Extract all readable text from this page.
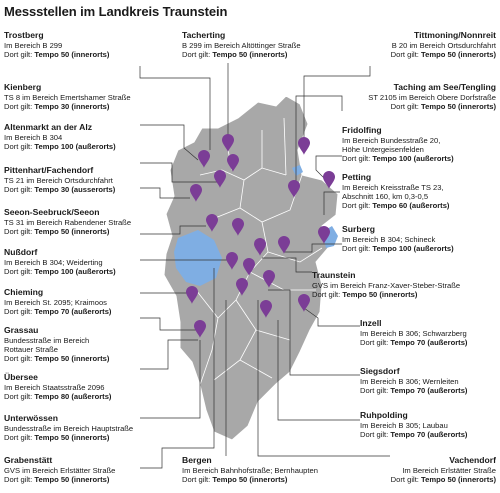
Messstellen im Landkreis Traunstein
Trostberg
Im Bereich B 299
Dort gilt: Tempo 50 (innerorts)
Kienberg
TS 8 im Bereich Emertshamer Straße
Dort gilt: Tempo 30 (innerorts)
Altenmarkt an der Alz
Im Bereich B 304
Dort gilt: Tempo 100 (außerorts)
Pittenhart/Fachendorf
TS 21 im Bereich Ortsdurchfahrt
Dort gilt: Tempo 30 (ausserorts)
Seeon-Seebruck/Seeon
TS 31 im Bereich Rabendener Straße
Dort gilt: Tempo 50 (innerorts)
Nußdorf
Im Bereich B 304; Weiderting
Dort gilt: Tempo 100 (außerorts)
Chieming
Im Bereich St. 2095; Kraimoos
Dort gilt: Tempo 70 (außerorts)
Grassau
Bundesstraße im Bereich
Rottauer Straße
Dort gilt: Tempo 50 (innerorts)
Übersee
Im Bereich Staatsstraße 2096
Dort gilt: Tempo 80 (außerorts)
Unterwössen
Bundesstraße im Bereich Hauptstraße
Dort gilt: Tempo 50 (innerorts)
Grabenstätt
GVS im Bereich Erlstätter Straße
Dort gilt: Tempo 50 (innerorts)
Tacherting
B 299 im Bereich Altöttinger Straße
Dort gilt: Tempo 50 (innerorts)
Bergen
Im Bereich Bahnhofstraße; Bernhaupten
Dort gilt: Tempo 50 (innerorts)
Tittmoning/Nonnreit
B 20 im Bereich Ortsdurchfahrt
Dort gilt: Tempo 50 (innerorts)
Taching am See/Tengling
ST 2105 im Bereich Obere Dorfstraße
Dort gilt: Tempo 50 (innerorts)
Fridolfing
Im Bereich Bundesstraße 20,
Höhe Untergeisenfelden
Dort gilt: Tempo 100 (außerorts)
Petting
Im Bereich Kreisstraße TS 23,
Abschnitt 160, km 0,3-0,5
Dort gilt: Tempo 60 (außerorts)
Surberg
Im Bereich B 304; Schineck
Dort gilt: Tempo 100 (außerorts)
Traunstein
GVS im Bereich Franz-Xaver-Steber-Straße
Dort gilt: Tempo 50 (innerorts)
Inzell
Im Bereich B 306; Schwarzberg
Dort gilt: Tempo 70 (außerorts)
Siegsdorf
Im Bereich B 306; Wernleiten
Dort gilt: Tempo 70 (außerorts)
Ruhpolding
Im Bereich B 305; Laubau
Dort gilt: Tempo 70 (außerorts)
Vachendorf
Im Bereich Erlstätter Straße
Dort gilt: Tempo 50 (innerorts)
